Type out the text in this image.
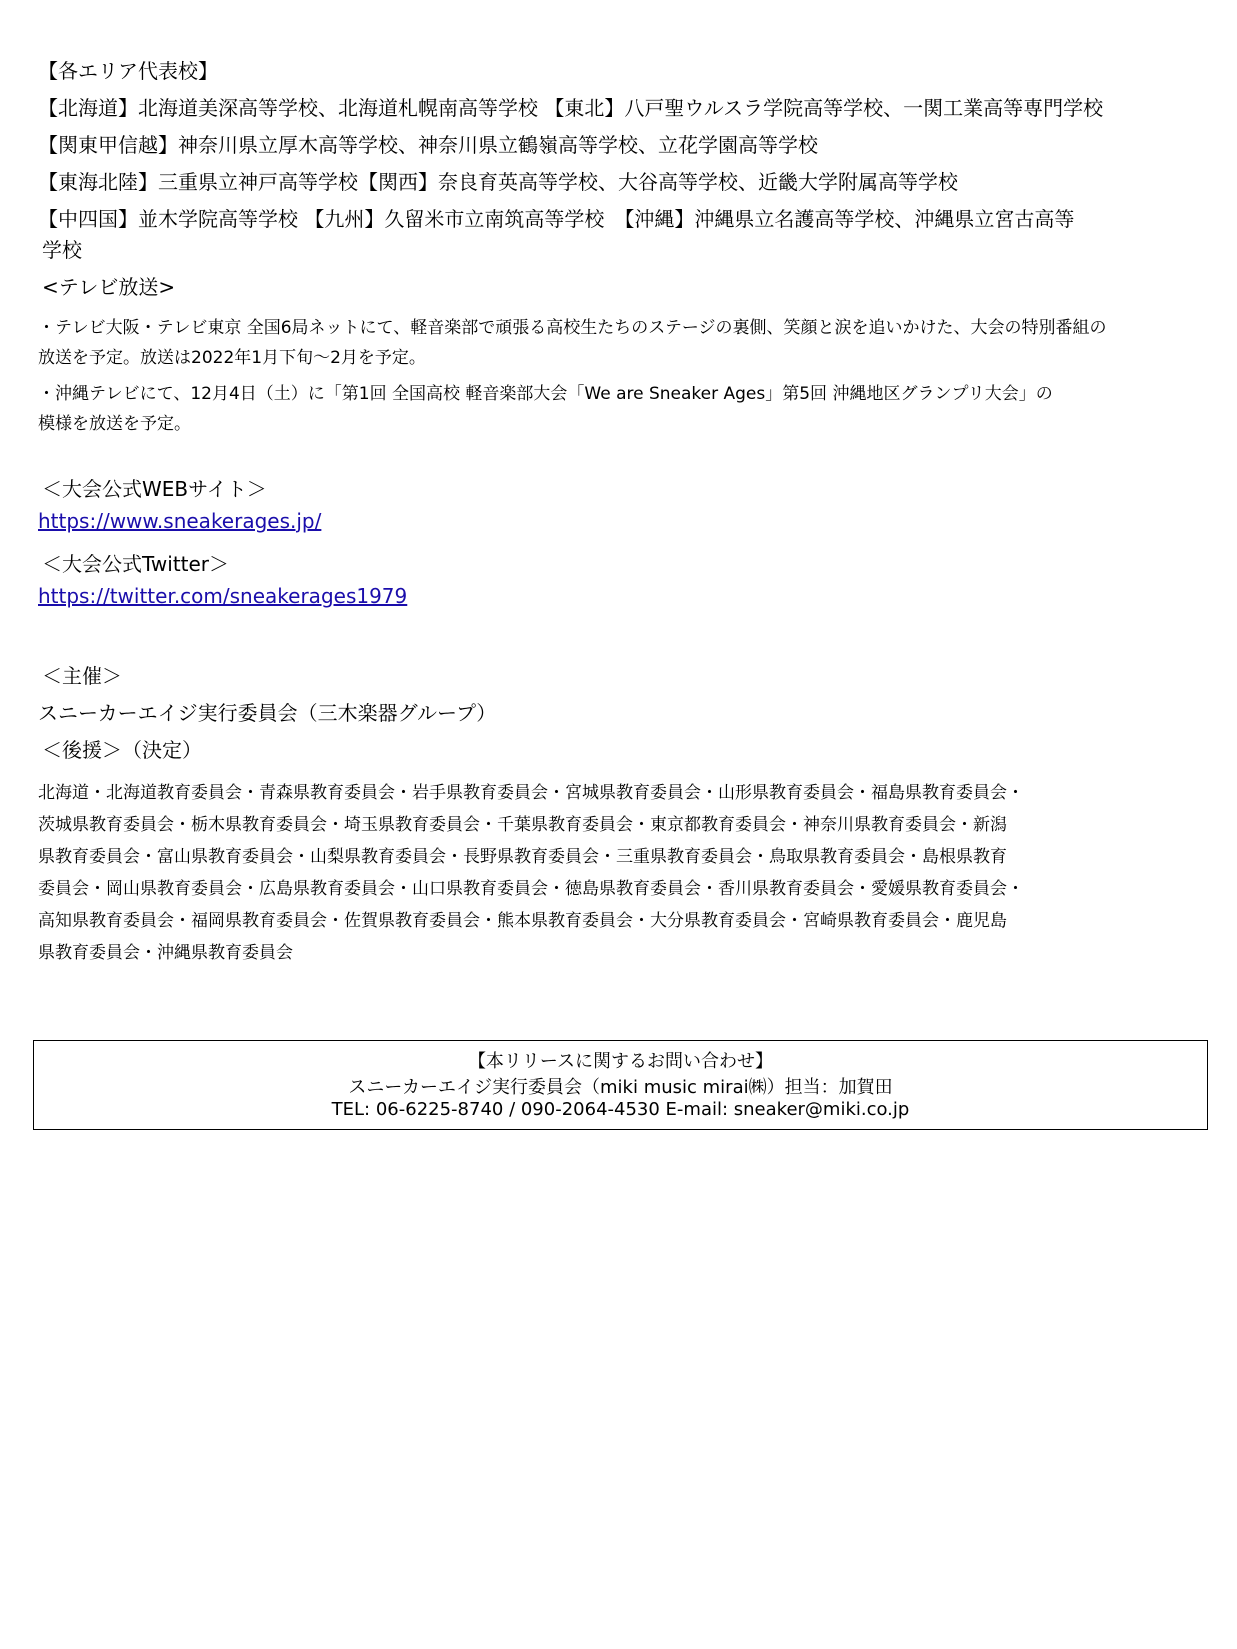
【各エリア代表校】
【北海道】北海道美深高等学校、北海道札幌南高等学校 【東北】八戸聖ウルスラ学院高等学校、一関工業高等専門学校
【関東甲信越】神奈川県立厚木高等学校、神奈川県立鶴嶺高等学校、立花学園高等学校
【東海北陸】三重県立神戸高等学校【関西】奈良育英高等学校、大谷高等学校、近畿大学附属高等学校
【中四国】並木学院高等学校 【九州】久留米市立南筑高等学校　【沖縄】沖縄県立名護高等学校、沖縄県立宮古高等
学校
<テレビ放送>
・テレビ大阪・テレビ東京 全国6局ネットにて、軽音楽部で頑張る高校生たちのステージの裏側、笑顔と涙を追いかけた、大会の特別番組の
放送を予定。放送は2022年1月下旬～2月を予定。
・沖縄テレビにて、12月4日（土）に「第1回 全国高校 軽音楽部大会「We are Sneaker Ages」第5回 沖縄地区グランプリ大会」の
模様を放送を予定。
＜大会公式WEBサイト＞
https://www.sneakerages.jp/
＜大会公式Twitter＞
https://twitter.com/sneakerages1979
＜主催＞
スニーカーエイジ実行委員会（三木楽器グループ）
＜後援＞（決定）
北海道・北海道教育委員会・青森県教育委員会・岩手県教育委員会・宮城県教育委員会・山形県教育委員会・福島県教育委員会・
茨城県教育委員会・栃木県教育委員会・埼玉県教育委員会・千葉県教育委員会・東京都教育委員会・神奈川県教育委員会・新潟
県教育委員会・富山県教育委員会・山梨県教育委員会・長野県教育委員会・三重県教育委員会・鳥取県教育委員会・島根県教育
委員会・岡山県教育委員会・広島県教育委員会・山口県教育委員会・徳島県教育委員会・香川県教育委員会・愛媛県教育委員会・
高知県教育委員会・福岡県教育委員会・佐賀県教育委員会・熊本県教育委員会・大分県教育委員会・宮崎県教育委員会・鹿児島
県教育委員会・沖縄県教育委員会
【本リリースに関するお問い合わせ】
スニーカーエイジ実行委員会（miki music mirai㈱）担当：加賀田
TEL: 06-6225-8740 / 090-2064-4530 E-mail: sneaker@miki.co.jp
